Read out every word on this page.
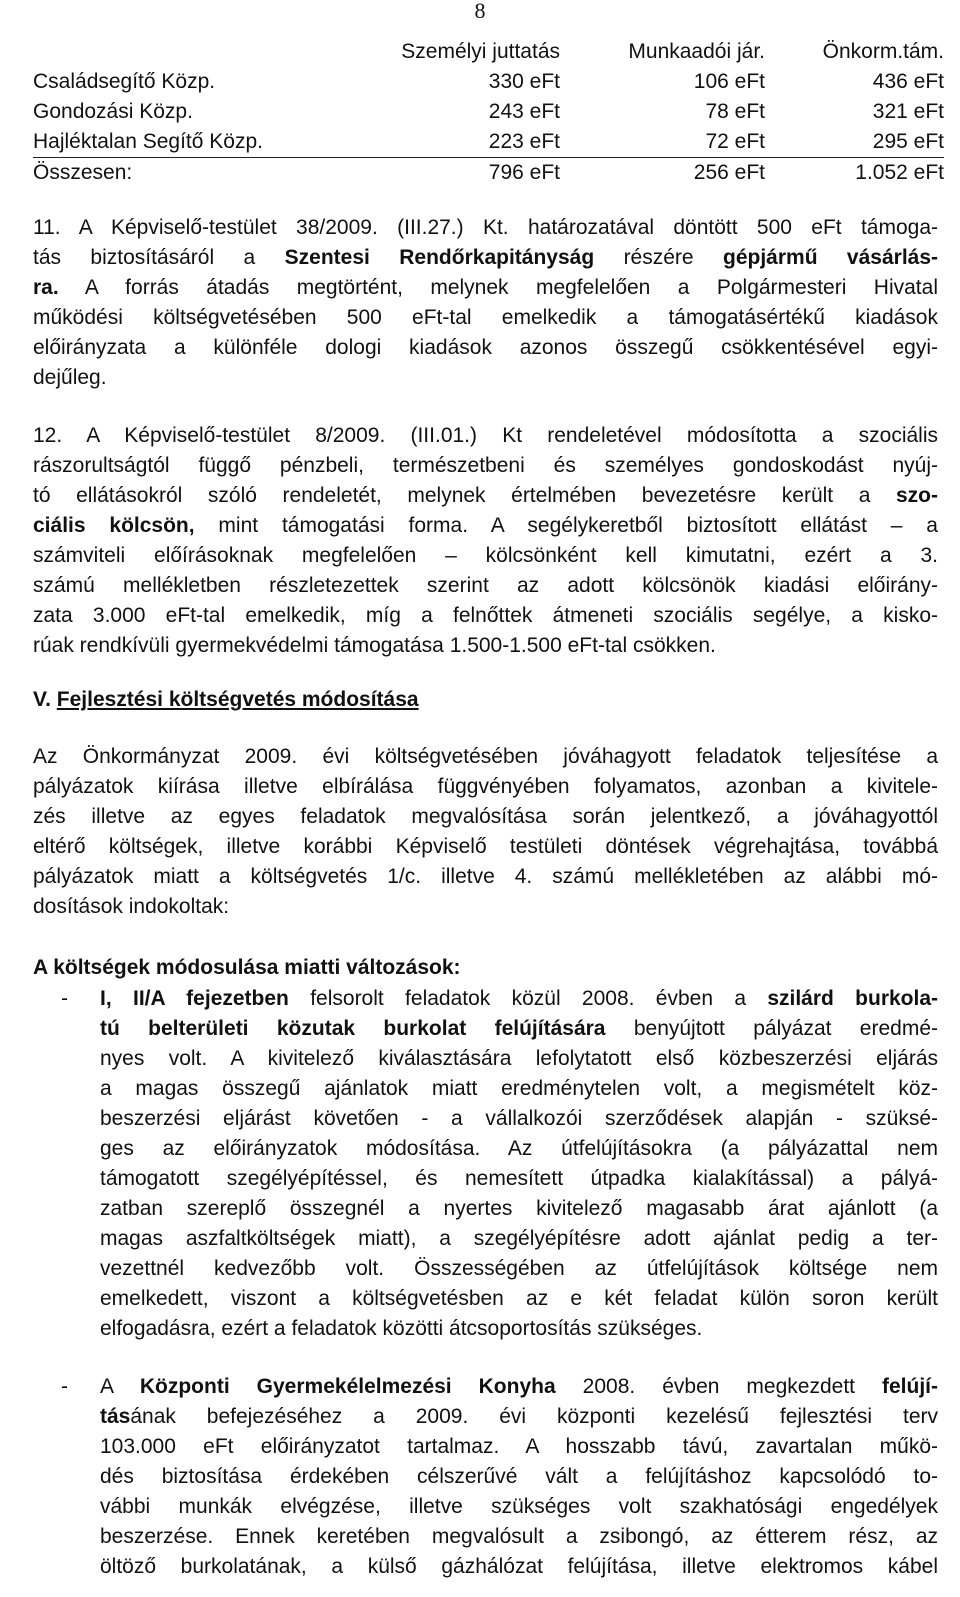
8
	Személyi juttatás	Munkaadói jár.	Önkorm.tám.
Családsegítő Közp.	330 eFt	106 eFt	436 eFt
Gondozási Közp.	243 eFt	78 eFt	321 eFt
Hajléktalan Segítő Közp.	223 eFt	72 eFt	295 eFt
Összesen:	796 eFt	256 eFt	1.052 eFt
11. A Képviselő-testület 38/2009. (III.27.) Kt. határozatával döntött 500 eFt támoga-
tás biztosításáról a Szentesi Rendőrkapitányság részére gépjármű vásárlás-
ra. A forrás átadás megtörtént, melynek megfelelően a Polgármesteri Hivatal
működési költségvetésében 500 eFt-tal emelkedik a támogatásértékű kiadások
előirányzata a különféle dologi kiadások azonos összegű csökkentésével egyi-
dejűleg.
12. A Képviselő-testület 8/2009. (III.01.) Kt rendeletével módosította a szociális
rászorultságtól függő pénzbeli, természetbeni és személyes gondoskodást nyúj-
tó ellátásokról szóló rendeletét, melynek értelmében bevezetésre került a szo-
ciális kölcsön, mint támogatási forma. A segélykeretből biztosított ellátást – a
számviteli előírásoknak megfelelően – kölcsönként kell kimutatni, ezért a 3.
számú mellékletben részletezettek szerint az adott kölcsönök kiadási előirány-
zata 3.000 eFt-tal emelkedik, míg a felnőttek átmeneti szociális segélye, a kisko-
rúak rendkívüli gyermekvédelmi támogatása 1.500-1.500 eFt-tal csökken.
V. Fejlesztési költségvetés módosítása
Az Önkormányzat 2009. évi költségvetésében jóváhagyott feladatok teljesítése a
pályázatok kiírása illetve elbírálása függvényében folyamatos, azonban a kivitele-
zés illetve az egyes feladatok megvalósítása során jelentkező, a jóváhagyottól
eltérő költségek, illetve korábbi Képviselő testületi döntések végrehajtása, továbbá
pályázatok miatt a költségvetés 1/c. illetve 4. számú mellékletében az alábbi mó-
dosítások indokoltak:
A költségek módosulása miatti változások:
- I, II/A fejezetben felsorolt feladatok közül 2008. évben a szilárd burkola-
tú belterületi közutak burkolat felújítására benyújtott pályázat eredmé-
nyes volt. A kivitelező kiválasztására lefolytatott első közbeszerzési eljárás
a magas összegű ajánlatok miatt eredménytelen volt, a megismételt köz-
beszerzési eljárást követően - a vállalkozói szerződések alapján - szüksé-
ges az előirányzatok módosítása. Az útfelújításokra (a pályázattal nem
támogatott szegélyépítéssel, és nemesített útpadka kialakítással) a pályá-
zatban szereplő összegnél a nyertes kivitelező magasabb árat ajánlott (a
magas aszfaltköltségek miatt), a szegélyépítésre adott ajánlat pedig a ter-
vezettnél kedvezőbb volt. Összességében az útfelújítások költsége nem
emelkedett, viszont a költségvetésben az e két feladat külön soron került
elfogadásra, ezért a feladatok közötti átcsoportosítás szükséges.
- A Központi Gyermekélelmezési Konyha 2008. évben megkezdett felújí-
tásának befejezéséhez a 2009. évi központi kezelésű fejlesztési terv
103.000 eFt előirányzatot tartalmaz. A hosszabb távú, zavartalan műkö-
dés biztosítása érdekében célszerűvé vált a felújításhoz kapcsolódó to-
vábbi munkák elvégzése, illetve szükséges volt szakhatósági engedélyek
beszerzése. Ennek keretében megvalósult a zsibongó, az étterem rész, az
öltöző burkolatának, a külső gázhálózat felújítása, illetve elektromos kábel
